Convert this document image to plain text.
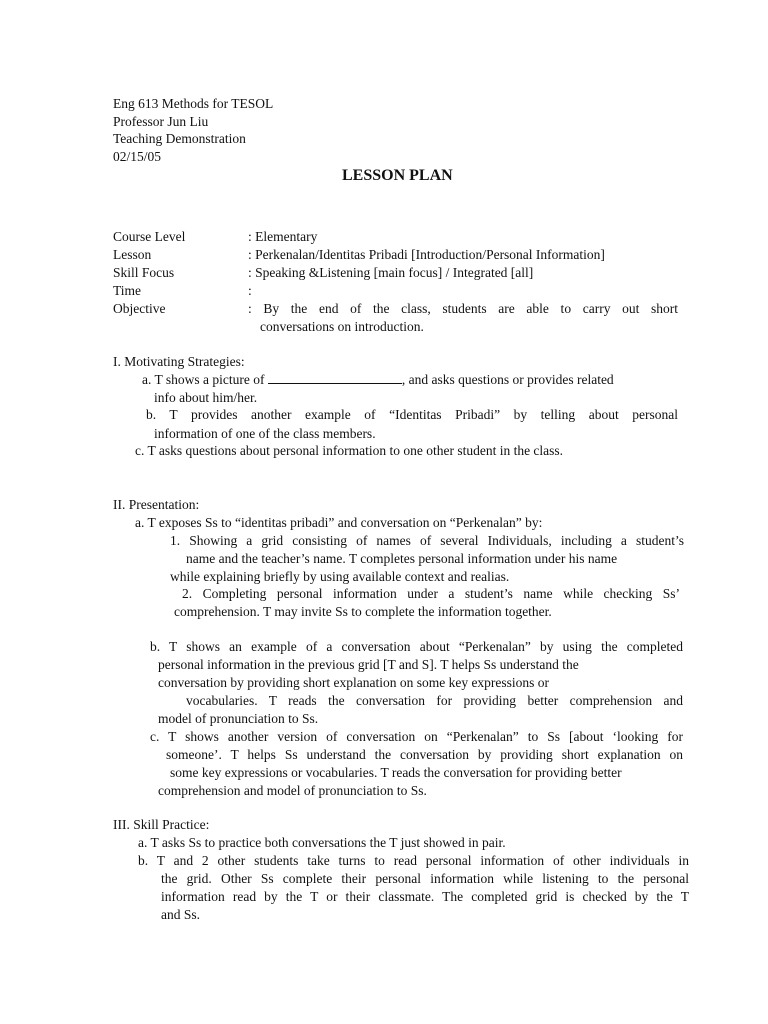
Eng 613 Methods for TESOL
Professor Jun Liu
Teaching Demonstration
02/15/05
LESSON PLAN
Course Level	: Elementary
Lesson	: Perkenalan/Identitas Pribadi [Introduction/Personal Information]
Skill Focus	: Speaking &Listening [main focus] / Integrated [all]
Time	:
Objective	: By the end of the class, students are able to carry out short
conversations on introduction.
I. Motivating Strategies:
a. T shows a picture of	, and asks questions or provides related
info about him/her.
b. T provides another example of “Identitas Pribadi” by telling about personal
information of one of the class members.
c. T asks questions about personal information to one other student in the class.
II. Presentation:
a. T exposes Ss to “identitas pribadi” and conversation on “Perkenalan” by:
1. Showing a grid consisting of names of several Individuals, including a student’s
name and the teacher’s name. T completes personal information under his name
while explaining briefly by using available context and realias.
2. Completing personal information under a student’s name while checking Ss’
comprehension. T may invite Ss to complete the information together.
b. T shows an example of a conversation about “Perkenalan” by using the completed
personal information in the previous grid [T and S]. T helps Ss understand the
conversation by providing short explanation on some key expressions or
vocabularies. T reads the conversation for providing better comprehension and
model of pronunciation to Ss.
c. T shows another version of conversation on “Perkenalan” to Ss [about ‘looking for
someone’. T helps Ss understand the conversation by providing short explanation on
some key expressions or vocabularies. T reads the conversation for providing better
comprehension and model of pronunciation to Ss.
III. Skill Practice:
a. T asks Ss to practice both conversations the T just showed in pair.
b. T and 2 other students take turns to read personal information of other individuals in
the grid. Other Ss complete their personal information while listening to the personal
information read by the T or their classmate. The completed grid is checked by the T
and Ss.
